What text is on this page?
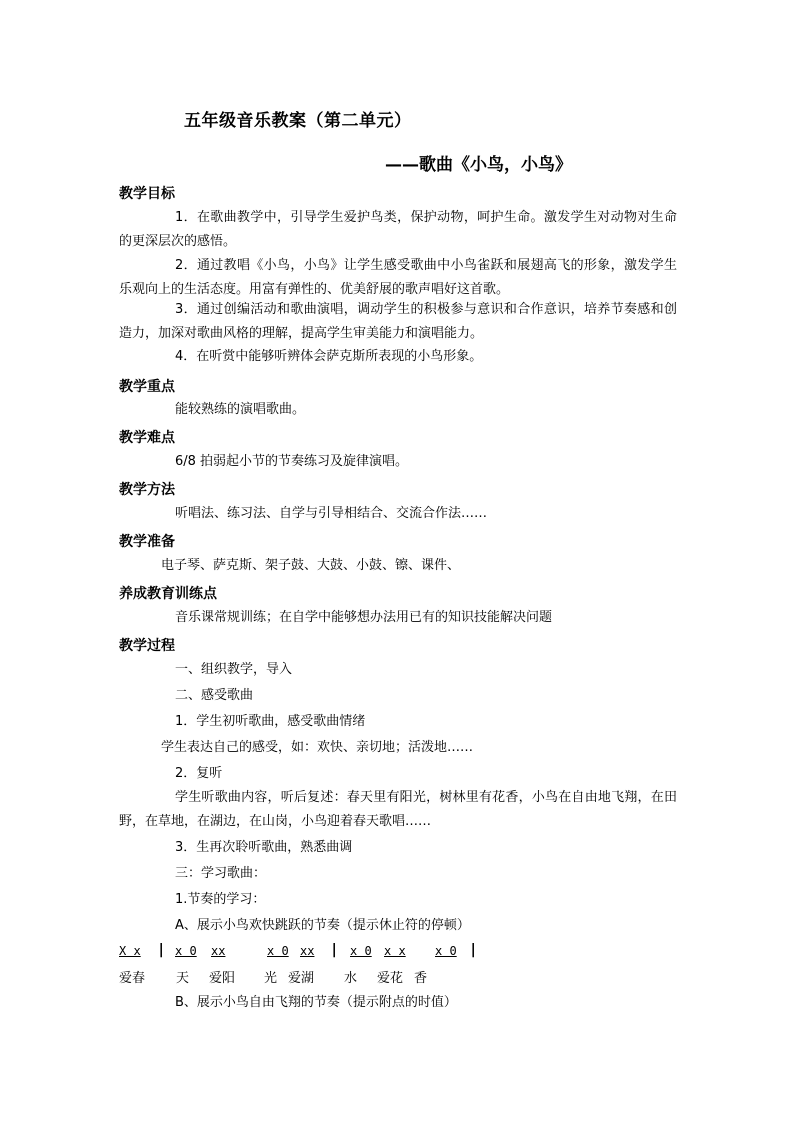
五年级音乐教案（第二单元）
——歌曲《小鸟，小鸟》
教学目标
1．在歌曲教学中，引导学生爱护鸟类，保护动物，呵护生命。激发学生对动物对生命的更深层次的感悟。
2．通过教唱《小鸟，小鸟》让学生感受歌曲中小鸟雀跃和展翅高飞的形象，激发学生乐观向上的生活态度。用富有弹性的、优美舒展的歌声唱好这首歌。
3．通过创编活动和歌曲演唱，调动学生的积极参与意识和合作意识，培养节奏感和创造力，加深对歌曲风格的理解，提高学生审美能力和演唱能力。
4．在听赏中能够听辨体会萨克斯所表现的小鸟形象。
教学重点
能较熟练的演唱歌曲。
教学难点
6/8 拍弱起小节的节奏练习及旋律演唱。
教学方法
听唱法、练习法、自学与引导相结合、交流合作法……
教学准备
电子琴、萨克斯、架子鼓、大鼓、小鼓、镲、课件、
养成教育训练点
音乐课常规训练；在自学中能够想办法用已有的知识技能解决问题
教学过程
一、组织教学，导入
二、感受歌曲
1．学生初听歌曲，感受歌曲情绪
学生表达自己的感受，如：欢快、亲切地；活泼地……
2．复听
学生听歌曲内容，听后复述：春天里有阳光，树林里有花香，小鸟在自由地飞翔，在田野，在草地，在湖边，在山岗，小鸟迎着春天歌唱……
3．生再次聆听歌曲，熟悉曲调
三：学习歌曲：
1.节奏的学习：
A、展示小鸟欢快跳跃的节奏（提示休止符的停顿）
X x | x 0 xx	x 0 xx | x 0 x x x 0 |
爱春 天 爱阳 光 爱湖 水 爱花 香
B、展示小鸟自由飞翔的节奏（提示附点的时值）
